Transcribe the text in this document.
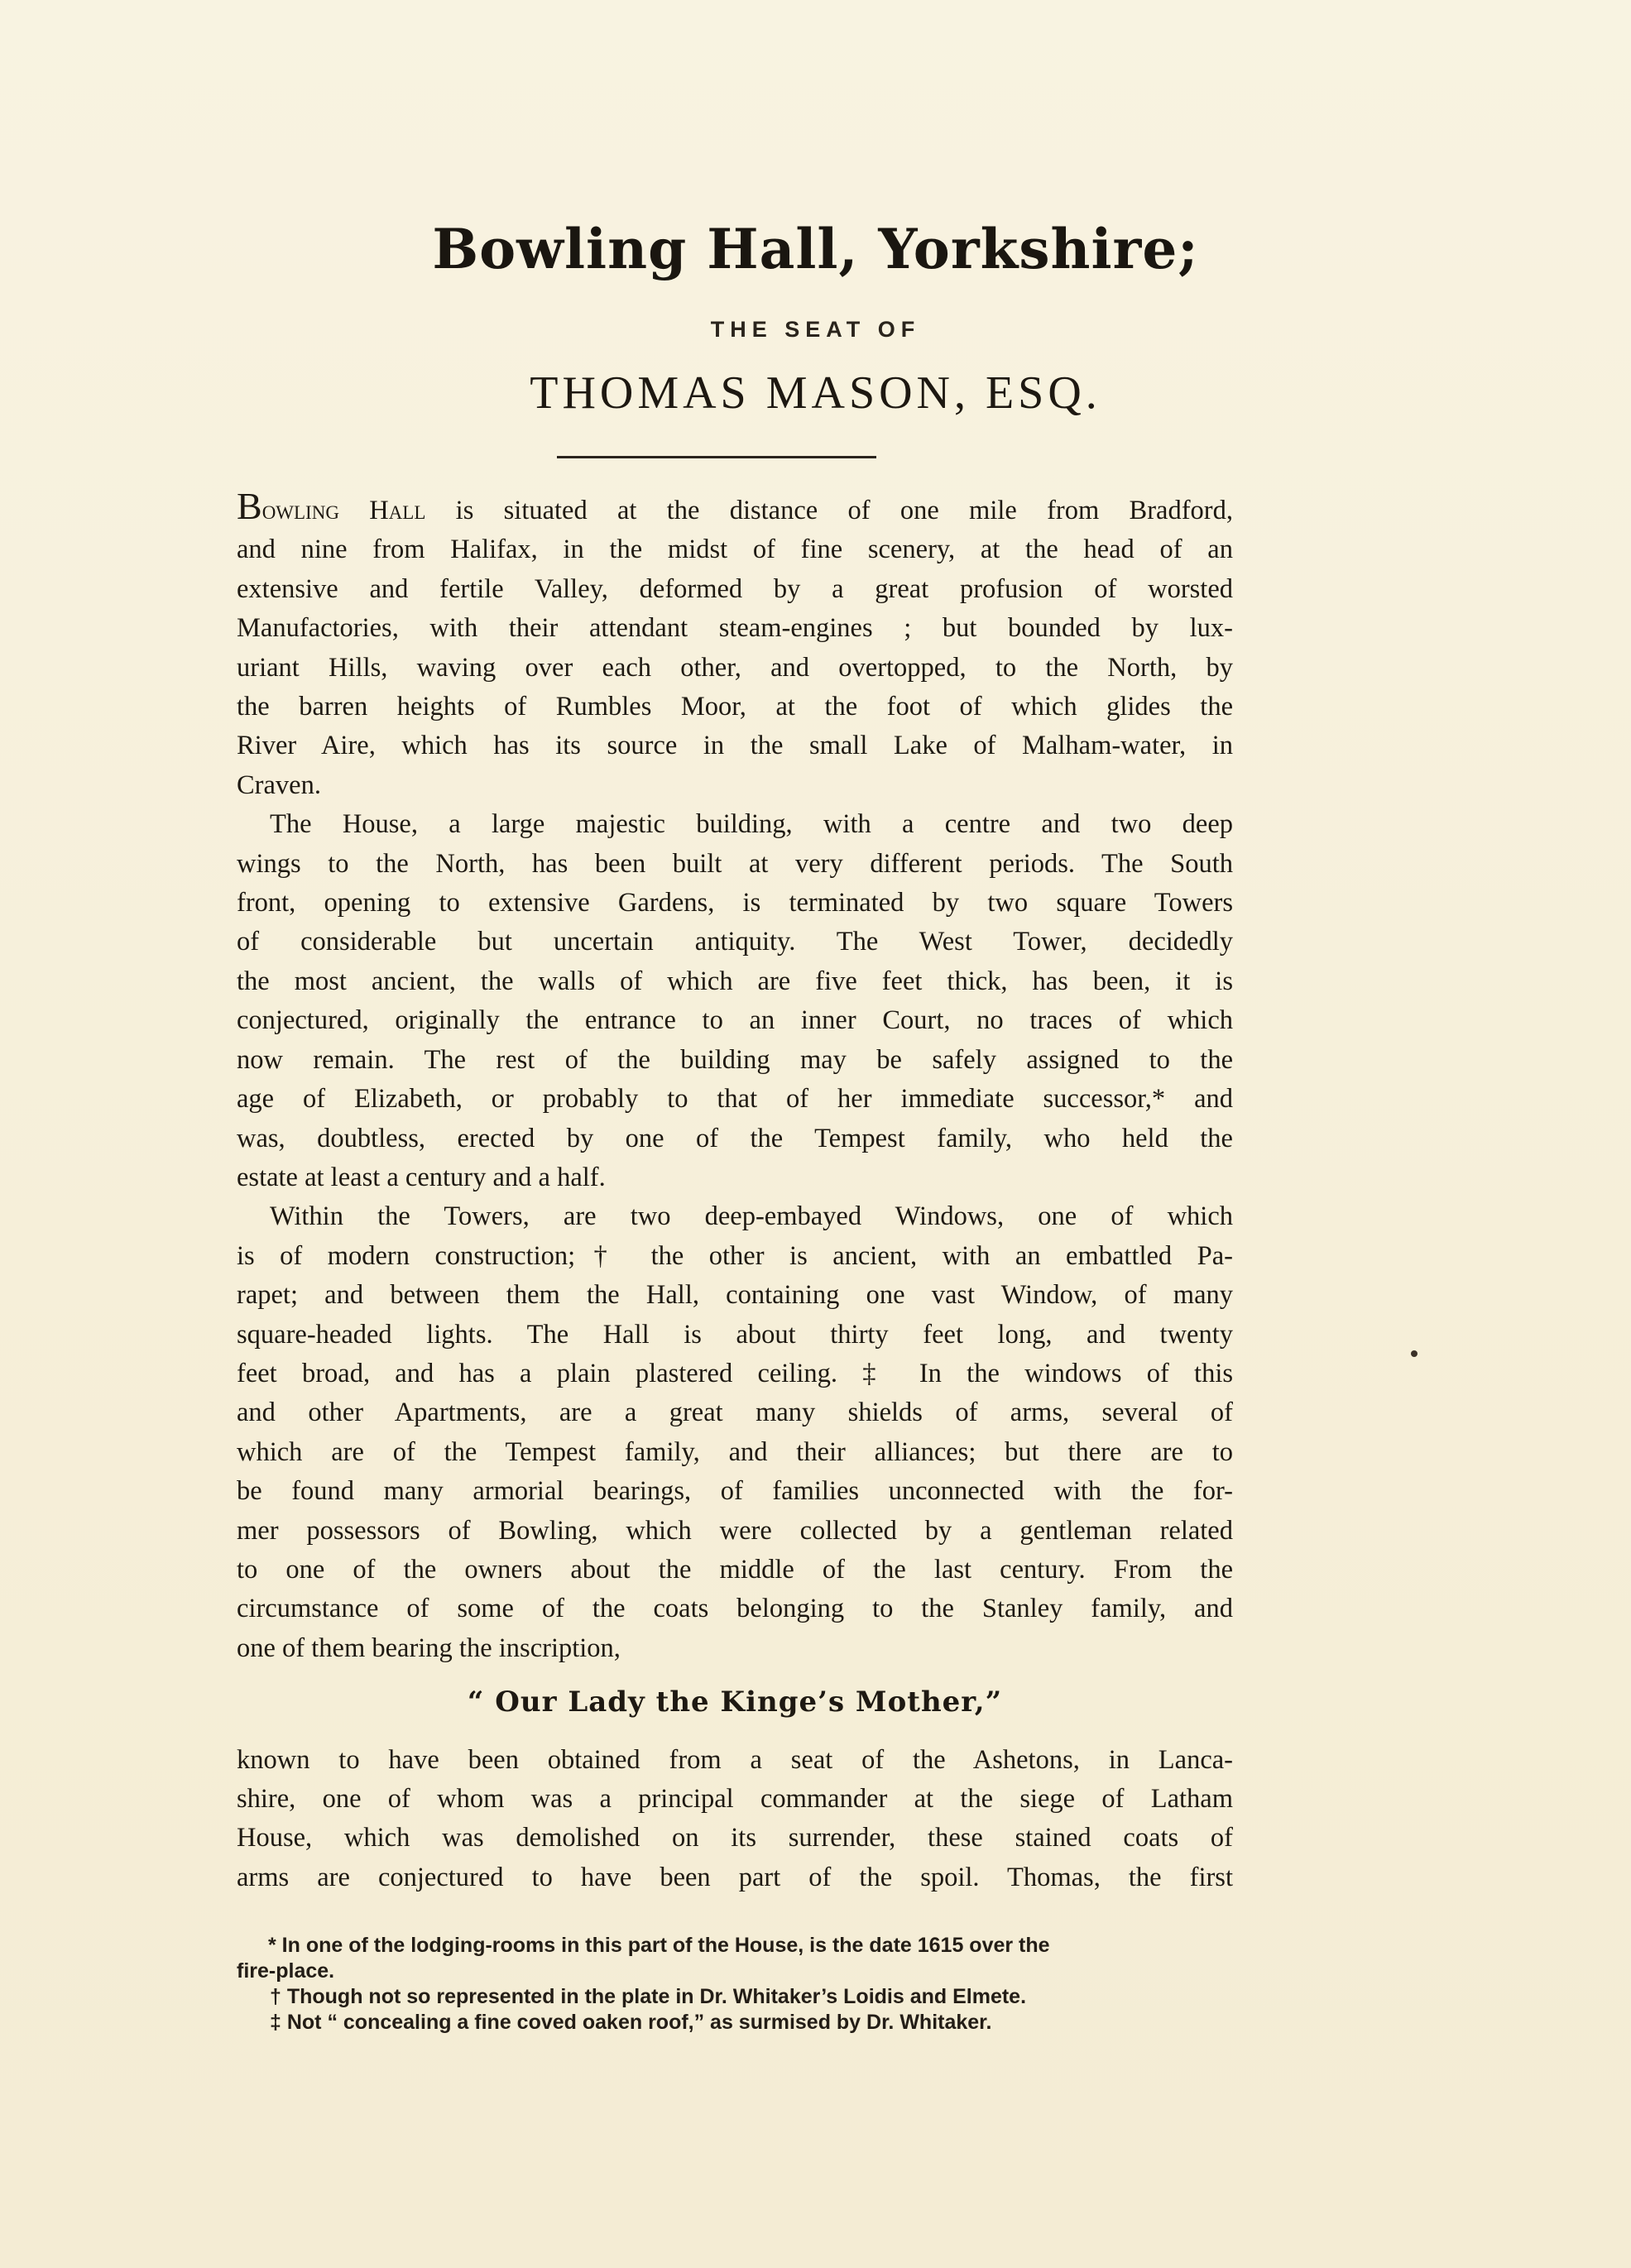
Bowling Hall, Yorkshire;
THE SEAT OF
THOMAS MASON, ESQ.

Bowling Hall is situated at the distance of one mile from Bradford,
and nine from Halifax, in the midst of fine scenery, at the head of an
extensive and fertile Valley, deformed by a great profusion of worsted
Manufactories, with their attendant steam-engines ; but bounded by lux-
uriant Hills, waving over each other, and overtopped, to the North, by
the barren heights of Rumbles Moor, at the foot of which glides the
River Aire, which has its source in the small Lake of Malham-water, in
Craven.

The House, a large majestic building, with a centre and two deep
wings to the North, has been built at very different periods. The South
front, opening to extensive Gardens, is terminated by two square Towers
of considerable but uncertain antiquity. The West Tower, decidedly
the most ancient, the walls of which are five feet thick, has been, it is
conjectured, originally the entrance to an inner Court, no traces of which
now remain. The rest of the building may be safely assigned to the
age of Elizabeth, or probably to that of her immediate successor,* and
was, doubtless, erected by one of the Tempest family, who held the
estate at least a century and a half.

Within the Towers, are two deep-embayed Windows, one of which
is of modern construction;† the other is ancient, with an embattled Pa-
rapet; and between them the Hall, containing one vast Window, of many
square-headed lights. The Hall is about thirty feet long, and twenty
feet broad, and has a plain plastered ceiling. ‡ In the windows of this
and other Apartments, are a great many shields of arms, several of
which are of the Tempest family, and their alliances; but there are to
be found many armorial bearings, of families unconnected with the for-
mer possessors of Bowling, which were collected by a gentleman related
to one of the owners about the middle of the last century. From the
circumstance of some of the coats belonging to the Stanley family, and
one of them bearing the inscription,

“ Our Lady the Kinge’s Mother,”

known to have been obtained from a seat of the Ashetons, in Lanca-
shire, one of whom was a principal commander at the siege of Latham
House, which was demolished on its surrender, these stained coats of
arms are conjectured to have been part of the spoil. Thomas, the first

* In one of the lodging-rooms in this part of the House, is the date 1615 over the
fire-place.
† Though not so represented in the plate in Dr. Whitaker’s Loidis and Elmete.
‡ Not “ concealing a fine coved oaken roof,” as surmised by Dr. Whitaker.
